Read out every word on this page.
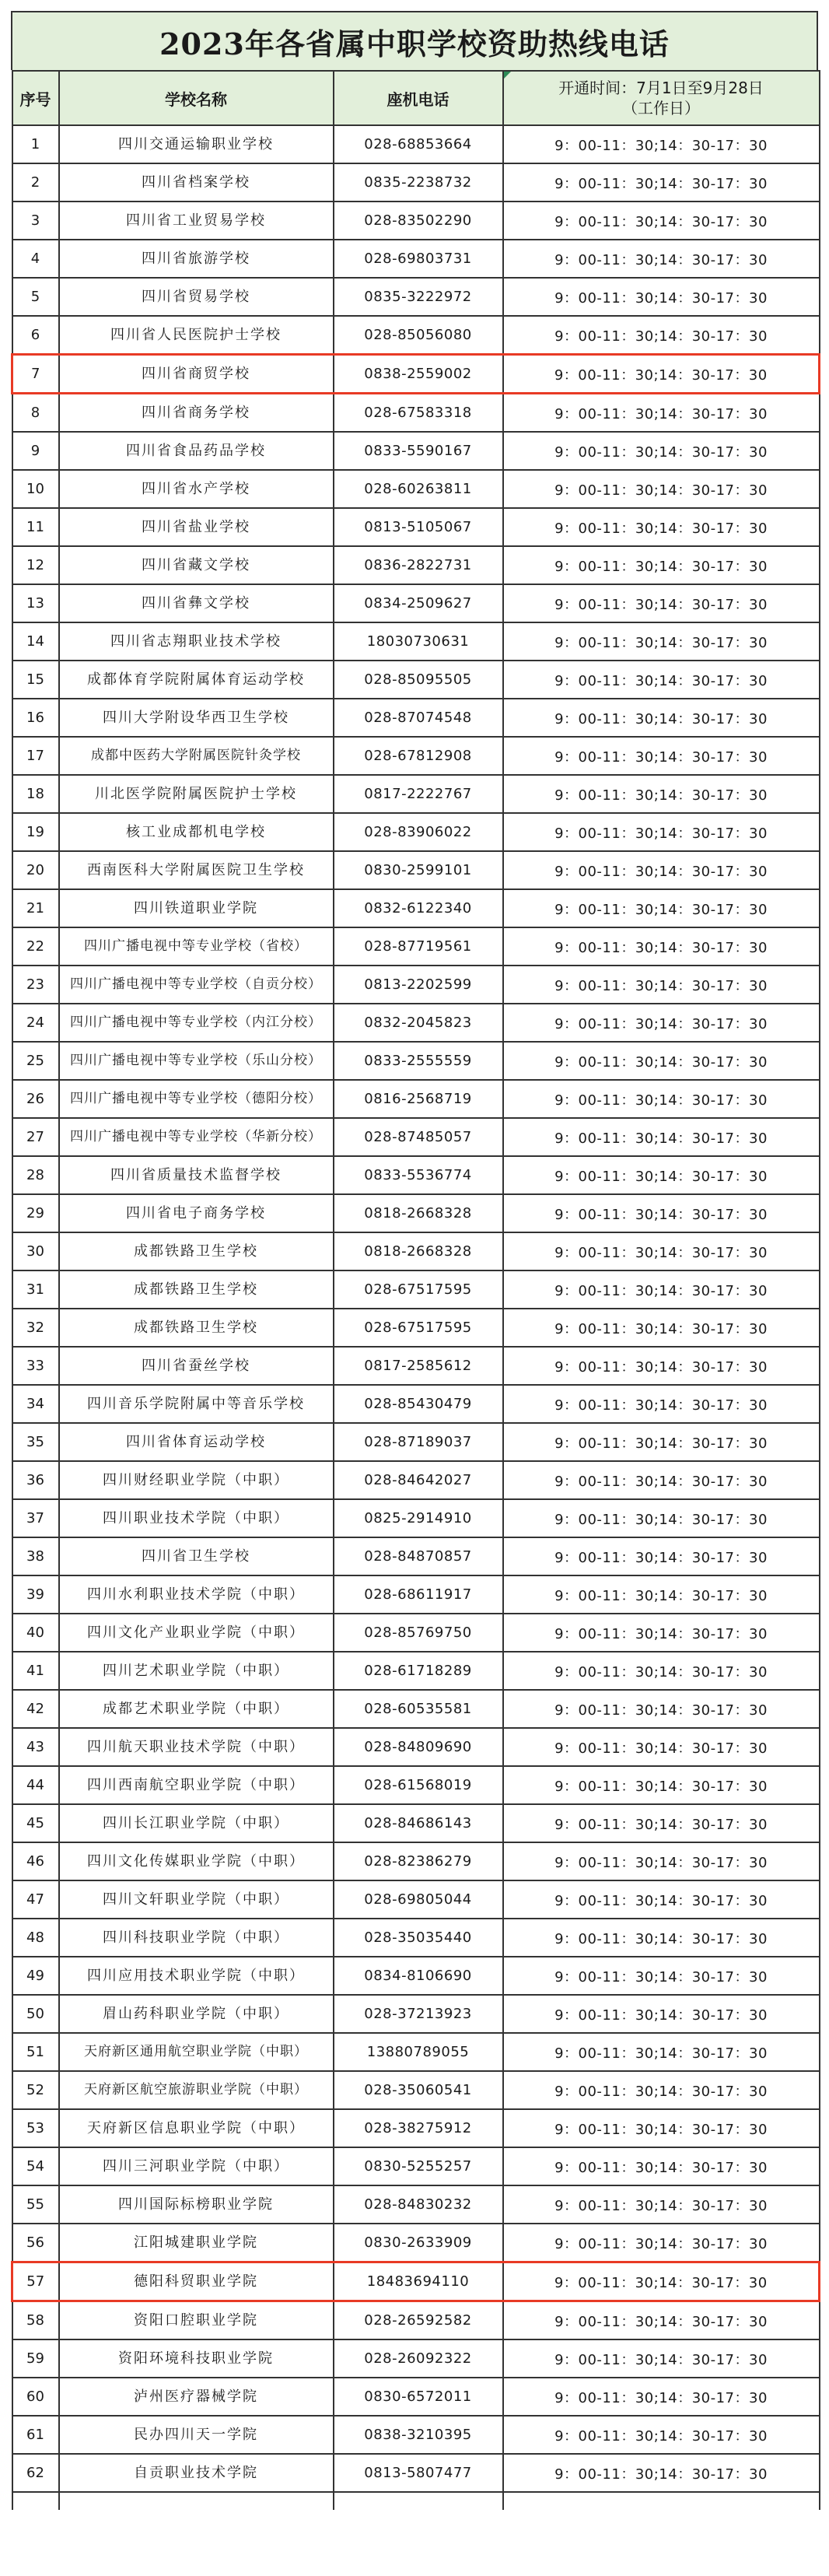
2023年各省属中职学校资助热线电话
序号	学校名称	座机电话	开通时间：7月1日至9月28日
（工作日）

1	四川交通运输职业学校	028-68853664	9：00-11：30;14：30-17：30
2	四川省档案学校	0835-2238732	9：00-11：30;14：30-17：30
3	四川省工业贸易学校	028-83502290	9：00-11：30;14：30-17：30
4	四川省旅游学校	028-69803731	9：00-11：30;14：30-17：30
5	四川省贸易学校	0835-3222972	9：00-11：30;14：30-17：30
6	四川省人民医院护士学校	028-85056080	9：00-11：30;14：30-17：30
7	四川省商贸学校	0838-2559002	9：00-11：30;14：30-17：30
8	四川省商务学校	028-67583318	9：00-11：30;14：30-17：30
9	四川省食品药品学校	0833-5590167	9：00-11：30;14：30-17：30
10	四川省水产学校	028-60263811	9：00-11：30;14：30-17：30
11	四川省盐业学校	0813-5105067	9：00-11：30;14：30-17：30
12	四川省藏文学校	0836-2822731	9：00-11：30;14：30-17：30
13	四川省彝文学校	0834-2509627	9：00-11：30;14：30-17：30
14	四川省志翔职业技术学校	18030730631	9：00-11：30;14：30-17：30
15	成都体育学院附属体育运动学校	028-85095505	9：00-11：30;14：30-17：30
16	四川大学附设华西卫生学校	028-87074548	9：00-11：30;14：30-17：30
17	成都中医药大学附属医院针灸学校	028-67812908	9：00-11：30;14：30-17：30
18	川北医学院附属医院护士学校	0817-2222767	9：00-11：30;14：30-17：30
19	核工业成都机电学校	028-83906022	9：00-11：30;14：30-17：30
20	西南医科大学附属医院卫生学校	0830-2599101	9：00-11：30;14：30-17：30
21	四川铁道职业学院	0832-6122340	9：00-11：30;14：30-17：30
22	四川广播电视中等专业学校（省校）	028-87719561	9：00-11：30;14：30-17：30
23	四川广播电视中等专业学校（自贡分校）	0813-2202599	9：00-11：30;14：30-17：30
24	四川广播电视中等专业学校（内江分校）	0832-2045823	9：00-11：30;14：30-17：30
25	四川广播电视中等专业学校（乐山分校）	0833-2555559	9：00-11：30;14：30-17：30
26	四川广播电视中等专业学校（德阳分校）	0816-2568719	9：00-11：30;14：30-17：30
27	四川广播电视中等专业学校（华新分校）	028-87485057	9：00-11：30;14：30-17：30
28	四川省质量技术监督学校	0833-5536774	9：00-11：30;14：30-17：30
29	四川省电子商务学校	0818-2668328	9：00-11：30;14：30-17：30
30	成都铁路卫生学校	0818-2668328	9：00-11：30;14：30-17：30
31	成都铁路卫生学校	028-67517595	9：00-11：30;14：30-17：30
32	成都铁路卫生学校	028-67517595	9：00-11：30;14：30-17：30
33	四川省蚕丝学校	0817-2585612	9：00-11：30;14：30-17：30
34	四川音乐学院附属中等音乐学校	028-85430479	9：00-11：30;14：30-17：30
35	四川省体育运动学校	028-87189037	9：00-11：30;14：30-17：30
36	四川财经职业学院（中职）	028-84642027	9：00-11：30;14：30-17：30
37	四川职业技术学院（中职）	0825-2914910	9：00-11：30;14：30-17：30
38	四川省卫生学校	028-84870857	9：00-11：30;14：30-17：30
39	四川水利职业技术学院（中职）	028-68611917	9：00-11：30;14：30-17：30
40	四川文化产业职业学院（中职）	028-85769750	9：00-11：30;14：30-17：30
41	四川艺术职业学院（中职）	028-61718289	9：00-11：30;14：30-17：30
42	成都艺术职业学院（中职）	028-60535581	9：00-11：30;14：30-17：30
43	四川航天职业技术学院（中职）	028-84809690	9：00-11：30;14：30-17：30
44	四川西南航空职业学院（中职）	028-61568019	9：00-11：30;14：30-17：30
45	四川长江职业学院（中职）	028-84686143	9：00-11：30;14：30-17：30
46	四川文化传媒职业学院（中职）	028-82386279	9：00-11：30;14：30-17：30
47	四川文轩职业学院（中职）	028-69805044	9：00-11：30;14：30-17：30
48	四川科技职业学院（中职）	028-35035440	9：00-11：30;14：30-17：30
49	四川应用技术职业学院（中职）	0834-8106690	9：00-11：30;14：30-17：30
50	眉山药科职业学院（中职）	028-37213923	9：00-11：30;14：30-17：30
51	天府新区通用航空职业学院（中职）	13880789055	9：00-11：30;14：30-17：30
52	天府新区航空旅游职业学院（中职）	028-35060541	9：00-11：30;14：30-17：30
53	天府新区信息职业学院（中职）	028-38275912	9：00-11：30;14：30-17：30
54	四川三河职业学院（中职）	0830-5255257	9：00-11：30;14：30-17：30
55	四川国际标榜职业学院	028-84830232	9：00-11：30;14：30-17：30
56	江阳城建职业学院	0830-2633909	9：00-11：30;14：30-17：30
57	德阳科贸职业学院	18483694110	9：00-11：30;14：30-17：30
58	资阳口腔职业学院	028-26592582	9：00-11：30;14：30-17：30
59	资阳环境科技职业学院	028-26092322	9：00-11：30;14：30-17：30
60	泸州医疗器械学院	0830-6572011	9：00-11：30;14：30-17：30
61	民办四川天一学院	0838-3210395	9：00-11：30;14：30-17：30
62	自贡职业技术学院	0813-5807477	9：00-11：30;14：30-17：30
